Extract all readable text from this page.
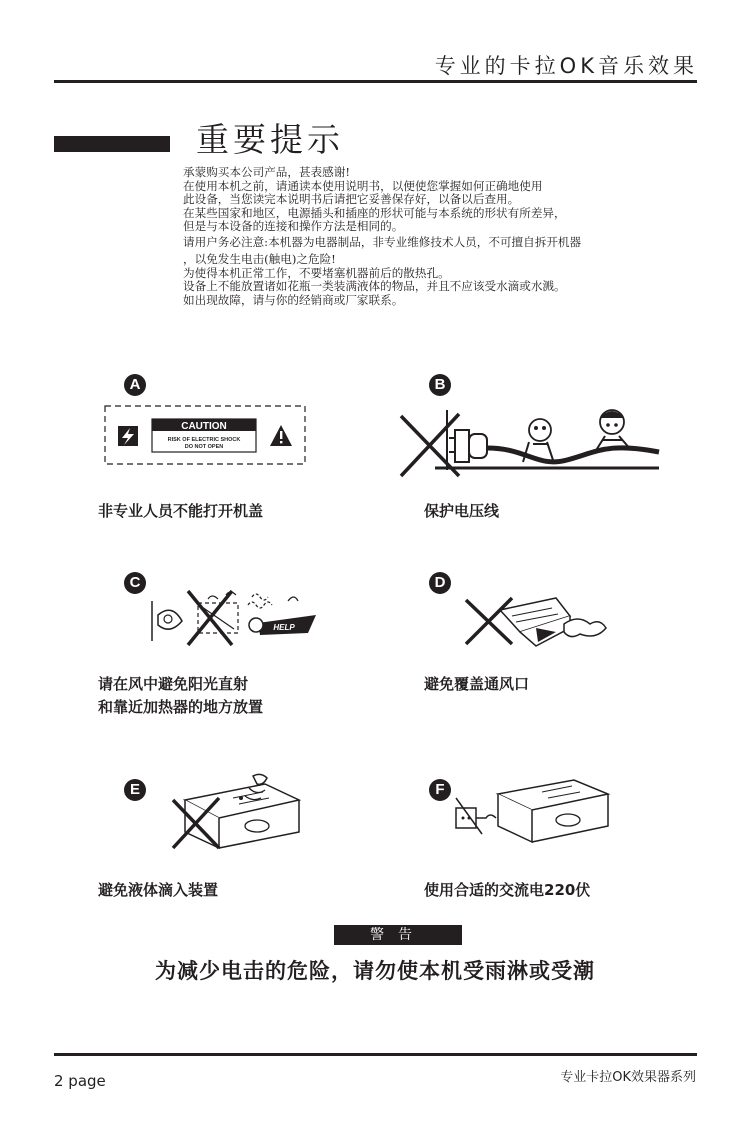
专业的卡拉OK音乐效果
重要提示
承蒙购买本公司产品，甚表感谢!
在使用本机之前，请通读本使用说明书，以便使您掌握如何正确地使用
此设备，当您读完本说明书后请把它妥善保存好，以备以后查用。
在某些国家和地区，电源插头和插座的形状可能与本系统的形状有所差异，
但是与本设备的连接和操作方法是相同的。
请用户务必注意:本机器为电器制品，非专业维修技术人员，不可擅自拆开机器
，以免发生电击(触电)之危险!
为使得本机正常工作，不要堵塞机器前后的散热孔。
设备上不能放置诸如花瓶一类装满液体的物品，并且不应该受水滴或水溅。
如出现故障，请与你的经销商或厂家联系。
A
CAUTION
RISK OF ELECTRIC SHOCK
DO NOT OPEN
非专业人员不能打开机盖
B
保护电压线
C
HELP
请在风中避免阳光直射
和靠近加热器的地方放置
D
避免覆盖通风口
E
避免液体滴入装置
F
使用合适的交流电220伏
警告
为减少电击的危险，请勿使本机受雨淋或受潮
专业卡拉OK效果器系列
2 page
